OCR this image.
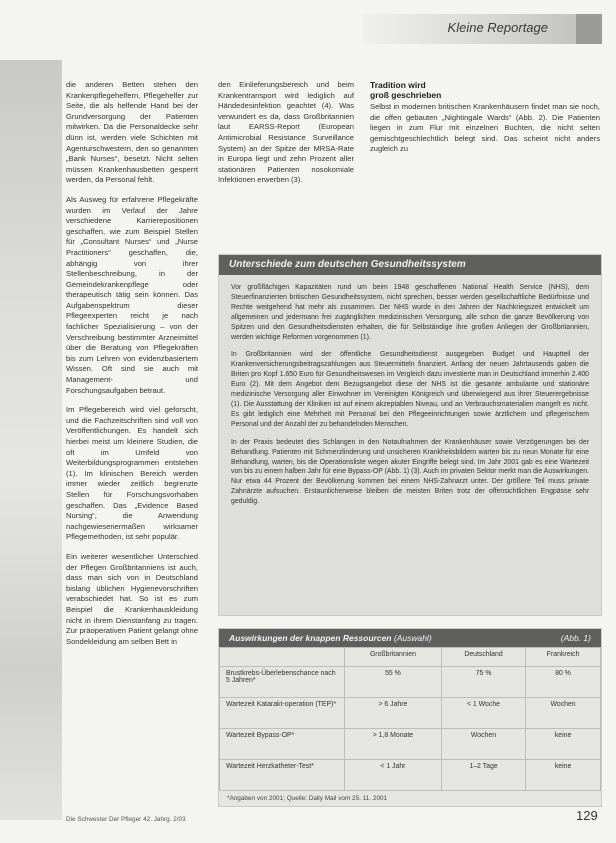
Kleine Reportage

die anderen Betten stehen den Krankenpflegehelfern, Pflegehelfer zur Seite, die als helfende Hand bei der Grundversorgung der Patienten mitwirken. Da die Personaldecke sehr dünn ist, werden viele Schichten mit Agenturschwestern, den so genannten „Bank Nurses“, besetzt. Nicht selten müssen Krankenhausbetten gesperrt werden, da Personal fehlt.

Als Ausweg für erfahrene Pflegekräfte wurden im Verlauf der Jahre verschiedene Karrierepositionen geschaffen, wie zum Beispiel Stellen für „Consultant Nurses“ und „Nurse Practitioners“ geschaffen, die, abhängig von ihrer Stellenbeschreibung, in der Gemeindekrankenpflege oder therapeutisch tätig sein können. Das Aufgabenspektrum dieser Pflegeexperten reicht je nach fachlicher Spezialisierung – von der Verschreibung bestimmter Arzneimittel über die Beratung von Pflegekräften bis zum Lehren von evidenzbasiertem Wissen. Oft sind sie auch mit Management- und Forschungsaufgaben betraut.

Im Pflegebereich wird viel geforscht, und die Fachzeitschriften sind voll von Veröffentlichungen. Es handelt sich hierbei meist um kleinere Studien, die oft im Umfeld von Weiterbildungsprogrammen entstehen (1). Im klinischen Bereich werden immer wieder zeitlich begrenzte Stellen für Forschungsvorhaben geschaffen. Das „Evidence Based Nursing“, die Anwendung nachgewiesenermaßen wirksamer Pflegemethoden, ist sehr populär.

Ein weiterer wesentlicher Unterschied der Pflegen Großbritanniens ist auch, dass man sich von in Deutschland bislang üblichen Hygienevorschriften verabschiedet hat. So ist es zum Beispiel die Krankenhauskleidung nicht in ihrem Dienstanfang zu tragen. Zur präoperativen Patient gelangt ohne Sondekleidung am selben Bett in

den Einlieferungsbereich und beim Krankentransport wird lediglich auf Händedesinfektion geachtet (4). Was verwundert es da, dass Großbritannien laut EARSS-Report (European Antimicrobial Resistance Surveillance System) an der Spitze der MRSA-Rate in Europa liegt und zehn Prozent aller stationären Patienten nosokomiale Infektionen erwerben (3).

Tradition wird
groß geschrieben

Selbst in modernen britischen Krankenhäusern findet man sie noch, die offen gebauten „Nightingale Wards“ (Abb. 2). Die Patienten liegen in zum Flur mit einzelnen Buchten, die nicht selten gemischtgeschlechtlich belegt sind. Das scheint nicht anders zugleich zu

Unterschiede zum deutschen Gesundheitssystem

Vor großflächigen Kapazitäten rund um beim 1948 geschaffenen National Health Service (NHS), dem Steuerfinanzierten britischen Gesundheitssystem, nicht sprechen, besser werden gesellschaftliche Bedürfnisse und Rechte weitgehend hat mehr als zusammen. Der NHS wurde in den Jahren der Nachkriegszeit entwickelt um allgemeinen und jedermann frei zugänglichen medizinischen Versorgung, alle schon die ganze Bevölkerung von Spitzen und den Gesundheitsdiensten erhalten, die für Selbständige ihre großen Anliegen der Großbritannien, werden wichtige Reformen vorgenommen (1).

In Großbritannien wird der öffentliche Gesundheitsdienst ausgegeben Budget und Hauptteil der Krankenversicherungsbeitragszahlungen aus Steuermitteln finanziert. Anfang der neuen Jahrtausends gaben die Briten pro Kopf 1.650 Euro für Gesundheitswesen im Vergleich dazu investierte man in Deutschland immerhin 2.400 Euro (2). Mit dem Angebot dem Bezugsangebot diese der NHS ist die gesamte ambulante und stationäre medizinische Versorgung aller Einwohner im Vereinigten Königreich und überwiegend aus ihrer Steuerergebnisse (1). Die Ausstattung der Kliniken ist auf einem akzeptablen Niveau, und an Verbrauchsmaterialien mangelt es nicht. Es gibt lediglich eine Mehrheit mit Personal bei den Pflegeeinrichtungen sowie ärztlichem und pflegerischem Personal und der Anzahl der zu behandelnden Menschen.

In der Praxis bedeutet dies Schlangen in den Notaufnahmen der Krankenhäuser sowie Verzögerungen bei der Behandlung. Patienten mit Schmerzlinderung und unsicheren Krankheitsbildern warten bis zu neun Monate für eine Behandlung, warten, bis die Operationsliste wegen akuter Eingriffe belegt sind. Im Jahr 2001 gab es eine Wartezeit von bis zu einem halben Jahr für eine Bypass-OP (Abb. 1) (3). Auch im privaten Sektor merkt man die Auswirkungen. Nur etwa 44 Prozent der Bevölkerung kommen bei einem NHS-Zahnarzt unter. Der größere Teil muss private Zahnärzte aufsuchen. Erstaunlicherweise bleiben die meisten Briten trotz der offensichtlichen Engpässe sehr geduldig.

Auswirkungen der knappen Ressourcen (Auswahl)	(Abb. 1)
	Großbritannien	Deutschland	Frankreich
Brustkrebs-Überlebenschance nach 5 Jahren*	55 %	75 %	80 %
Wartezeit Katarakt-operation (TEP)*	> 6 Jahre	< 1 Woche	Wochen
Wartezeit Bypass-OP*	> 1,8 Monate	Wochen	keine
Wartezeit Herzkatheter-Test*	< 1 Jahr	1–2 Tage	keine
*Angaben von 2001; Quelle: Daily Mail vom 25. 11. 2001
Die Schwester Der Pfleger 42. Jahrg. 2/03	129
